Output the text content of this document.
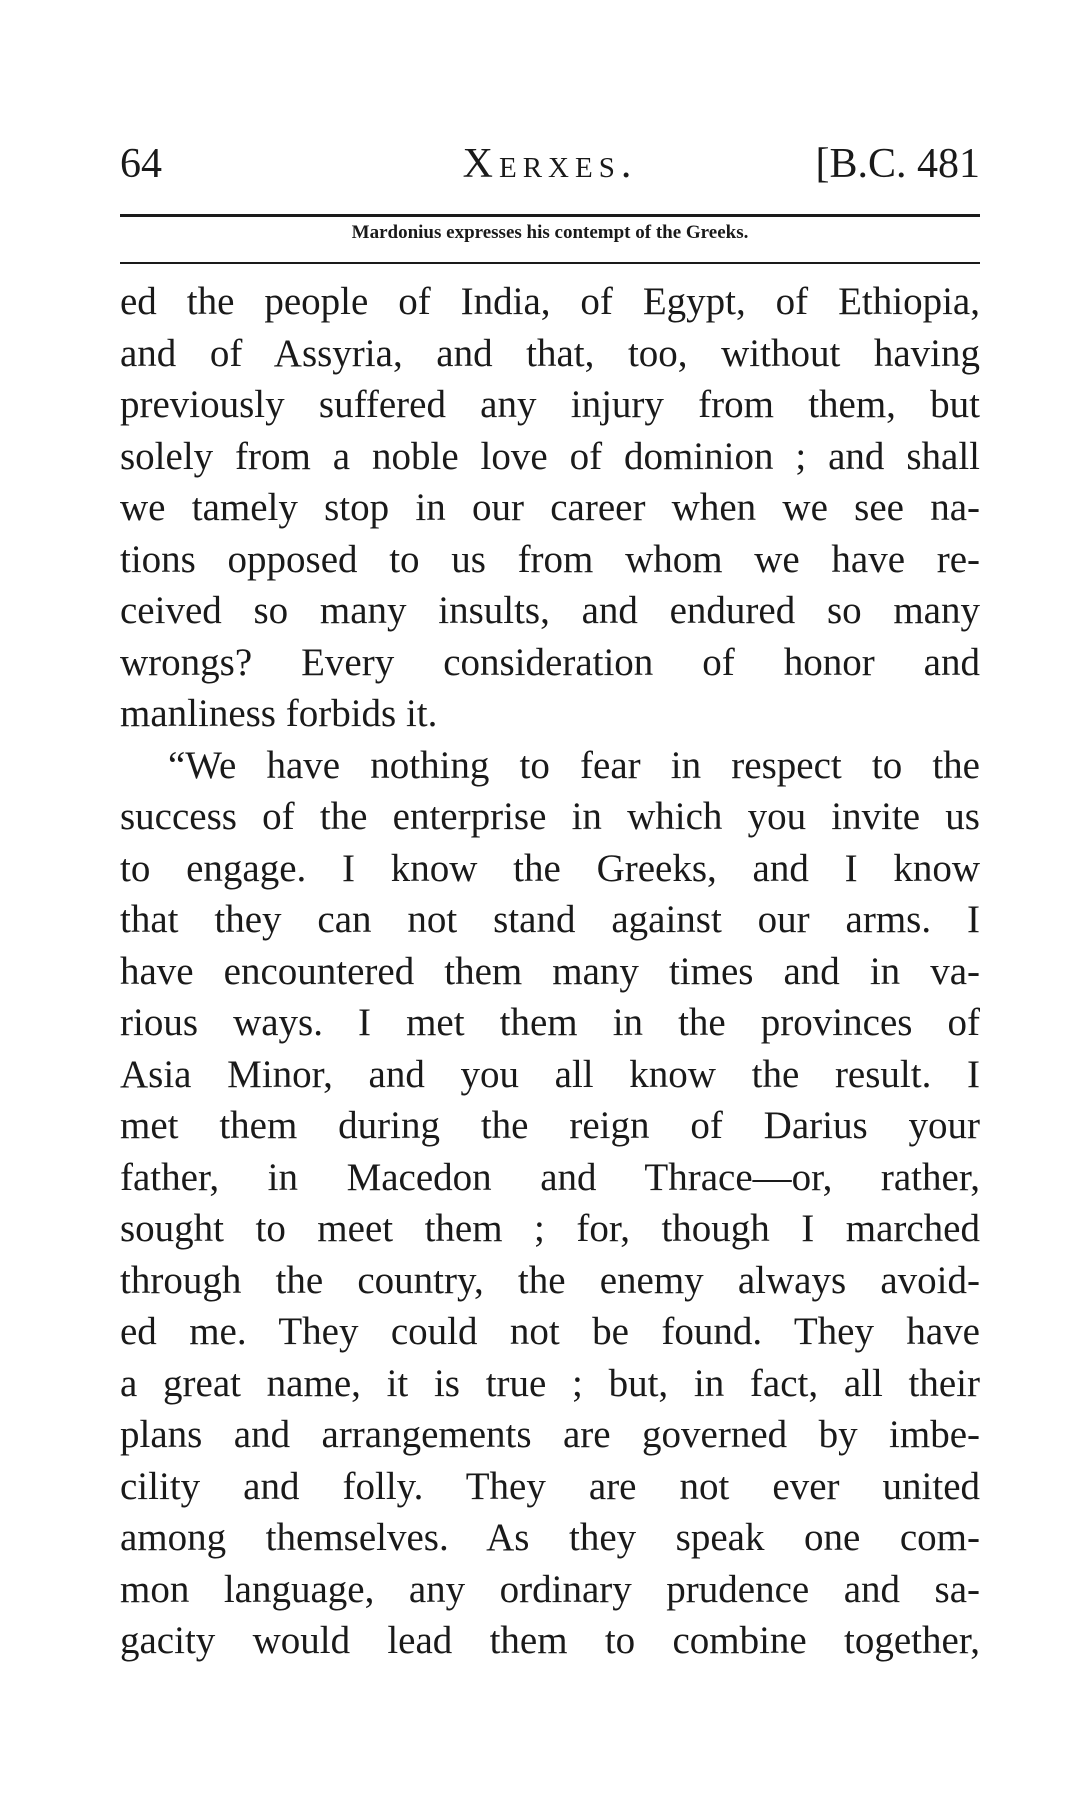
64	Xerxes.	[B.C. 481
Mardonius expresses his contempt of the Greeks.
ed the people of India, of Egypt, of Ethiopia,
and of Assyria, and that, too, without having
previously suffered any injury from them, but
solely from a noble love of dominion ; and shall
we tamely stop in our career when we see na-
tions opposed to us from whom we have re-
ceived so many insults, and endured so many
wrongs? Every consideration of honor and
manliness forbids it.
“We have nothing to fear in respect to the
success of the enterprise in which you invite us
to engage. I know the Greeks, and I know
that they can not stand against our arms. I
have encountered them many times and in va-
rious ways. I met them in the provinces of
Asia Minor, and you all know the result. I
met them during the reign of Darius your
father, in Macedon and Thrace—or, rather,
sought to meet them ; for, though I marched
through the country, the enemy always avoid-
ed me. They could not be found. They have
a great name, it is true ; but, in fact, all their
plans and arrangements are governed by imbe-
cility and folly. They are not ever united
among themselves. As they speak one com-
mon language, any ordinary prudence and sa-
gacity would lead them to combine together,
